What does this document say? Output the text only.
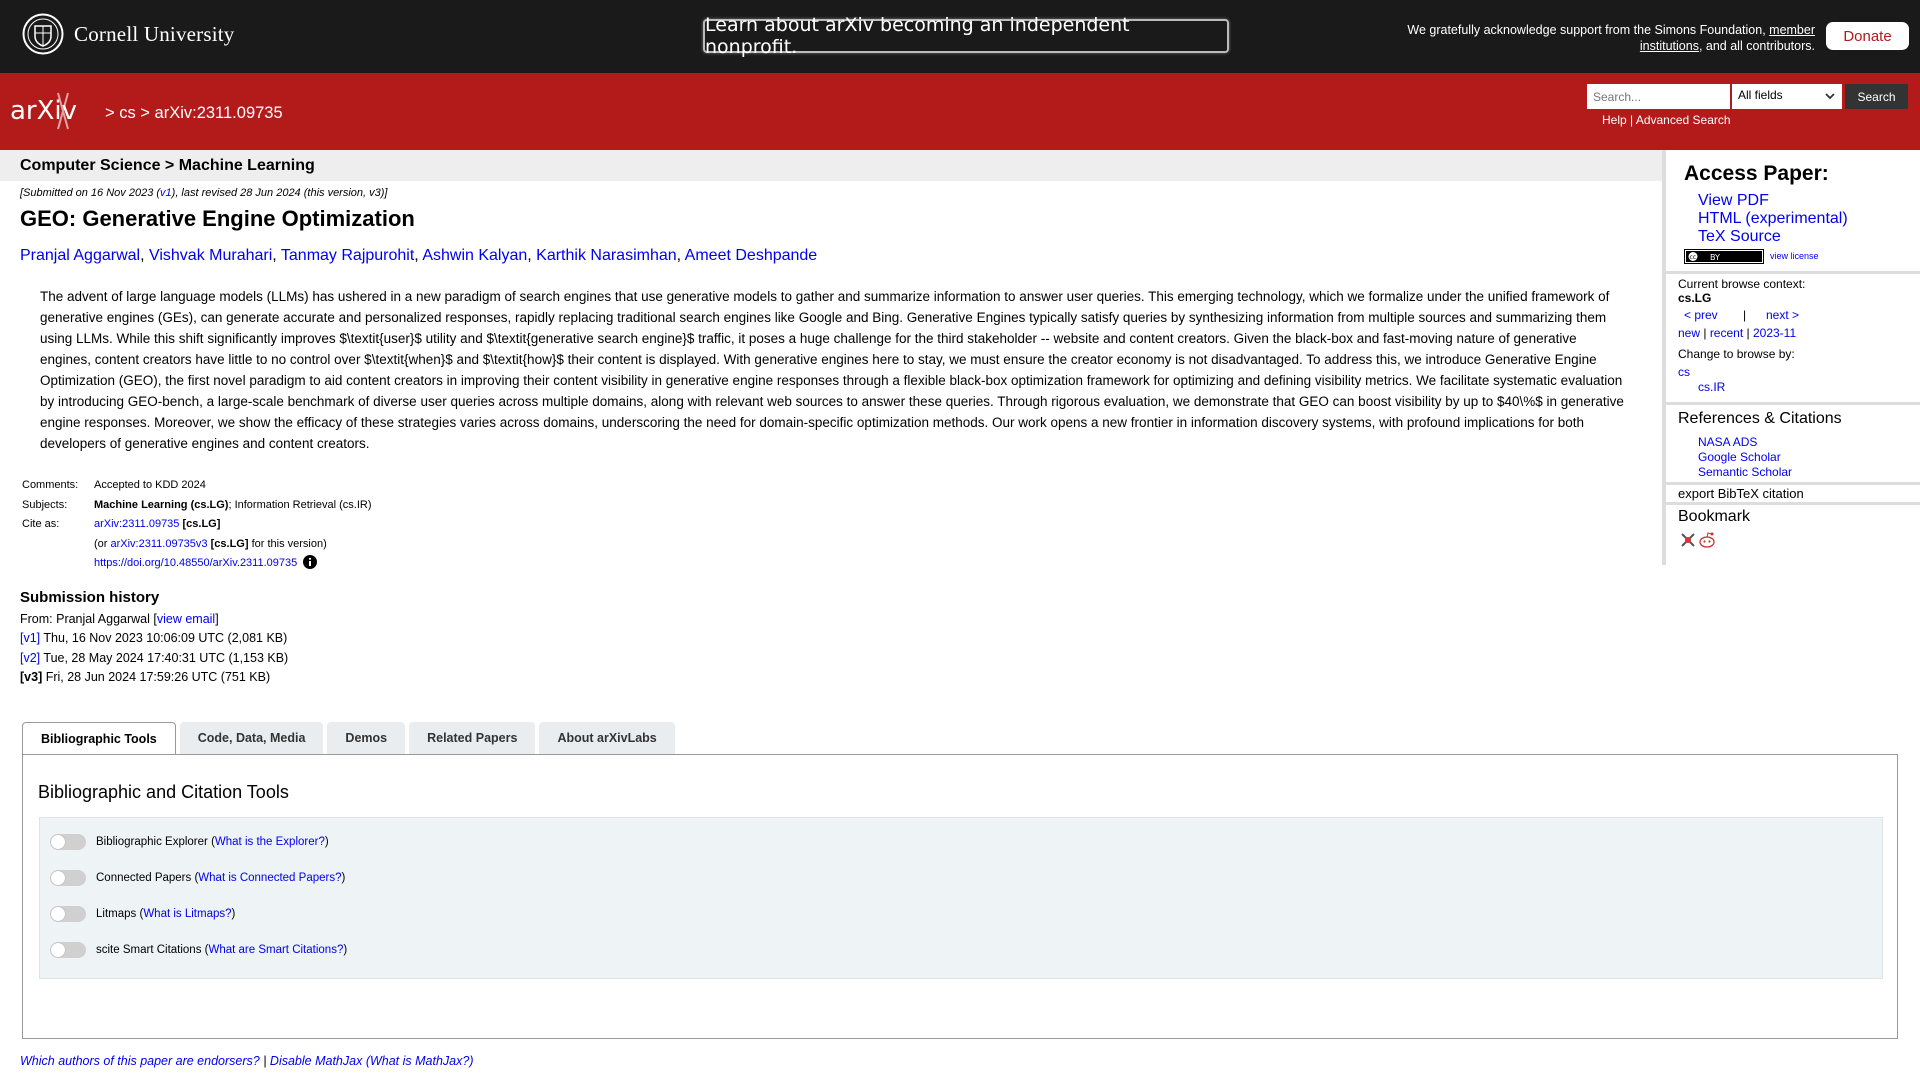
Cornell University	Learn about arXiv becoming an independent nonprofit.
We gratefully acknowledge support from the Simons Foundation, member institutions, and all contributors.
Donate
arXiv > cs > arXiv:2311.09735
Search...
All fields	Search
Help | Advanced Search
Computer Science > Machine Learning
[Submitted on 16 Nov 2023 (v1), last revised 28 Jun 2024 (this version, v3)]
GEO: Generative Engine Optimization
Pranjal Aggarwal, Vishvak Murahari, Tanmay Rajpurohit, Ashwin Kalyan, Karthik Narasimhan, Ameet Deshpande

The advent of large language models (LLMs) has ushered in a new paradigm of search engines that use generative models to gather and summarize information to answer user queries. This emerging technology, which we formalize under the unified framework of generative engines (GEs), can generate accurate and personalized responses, rapidly replacing traditional search engines like Google and Bing. Generative Engines typically satisfy queries by synthesizing information from multiple sources and summarizing them using LLMs. While this shift significantly improves $\textit{user}$ utility and $\textit{generative search engine}$ traffic, it poses a huge challenge for the third stakeholder -- website and content creators. Given the black-box and fast-moving nature of generative engines, content creators have little to no control over $\textit{when}$ and $\textit{how}$ their content is displayed. With generative engines here to stay, we must ensure the creator economy is not disadvantaged. To address this, we introduce Generative Engine Optimization (GEO), the first novel paradigm to aid content creators in improving their content visibility in generative engine responses through a flexible black-box optimization framework for optimizing and defining visibility metrics. We facilitate systematic evaluation by introducing GEO-bench, a large-scale benchmark of diverse user queries across multiple domains, along with relevant web sources to answer these queries. Through rigorous evaluation, we demonstrate that GEO can boost visibility by up to $40\%$ in generative engine responses. Moreover, we show the efficacy of these strategies varies across domains, underscoring the need for domain-specific optimization methods. Our work opens a new frontier in information discovery systems, with profound implications for both developers of generative engines and content creators.

Comments:	Accepted to KDD 2024
Subjects:	Machine Learning (cs.LG); Information Retrieval (cs.IR)
Cite as:	arXiv:2311.09735 [cs.LG]
(or arXiv:2311.09735v3 [cs.LG] for this version)
https://doi.org/10.48550/arXiv.2311.09735
Submission history
From: Pranjal Aggarwal [view email]
[v1] Thu, 16 Nov 2023 10:06:09 UTC (2,081 KB)
[v2] Tue, 28 May 2024 17:40:31 UTC (1,153 KB)
[v3] Fri, 28 Jun 2024 17:59:26 UTC (751 KB)
Bibliographic Tools	Code, Data, Media	Demos	Related Papers	About arXivLabs
Bibliographic and Citation Tools
Bibliographic Explorer ( What is the Explorer? )
Connected Papers ( What is Connected Papers? )
Litmaps ( What is Litmaps? )
scite Smart Citations ( What are Smart Citations? )
Which authors of this paper are endorsers? | Disable MathJax (What is MathJax?)
Access Paper:
View PDF
HTML (experimental)
TeX Source
cc BY	view license
Current browse context:
cs.LG
< prev | next >
new | recent | 2023-11
Change to browse by:
cs
cs.IR
References & Citations
NASA ADS
Google Scholar
Semantic Scholar
export BibTeX citation
Bookmark
